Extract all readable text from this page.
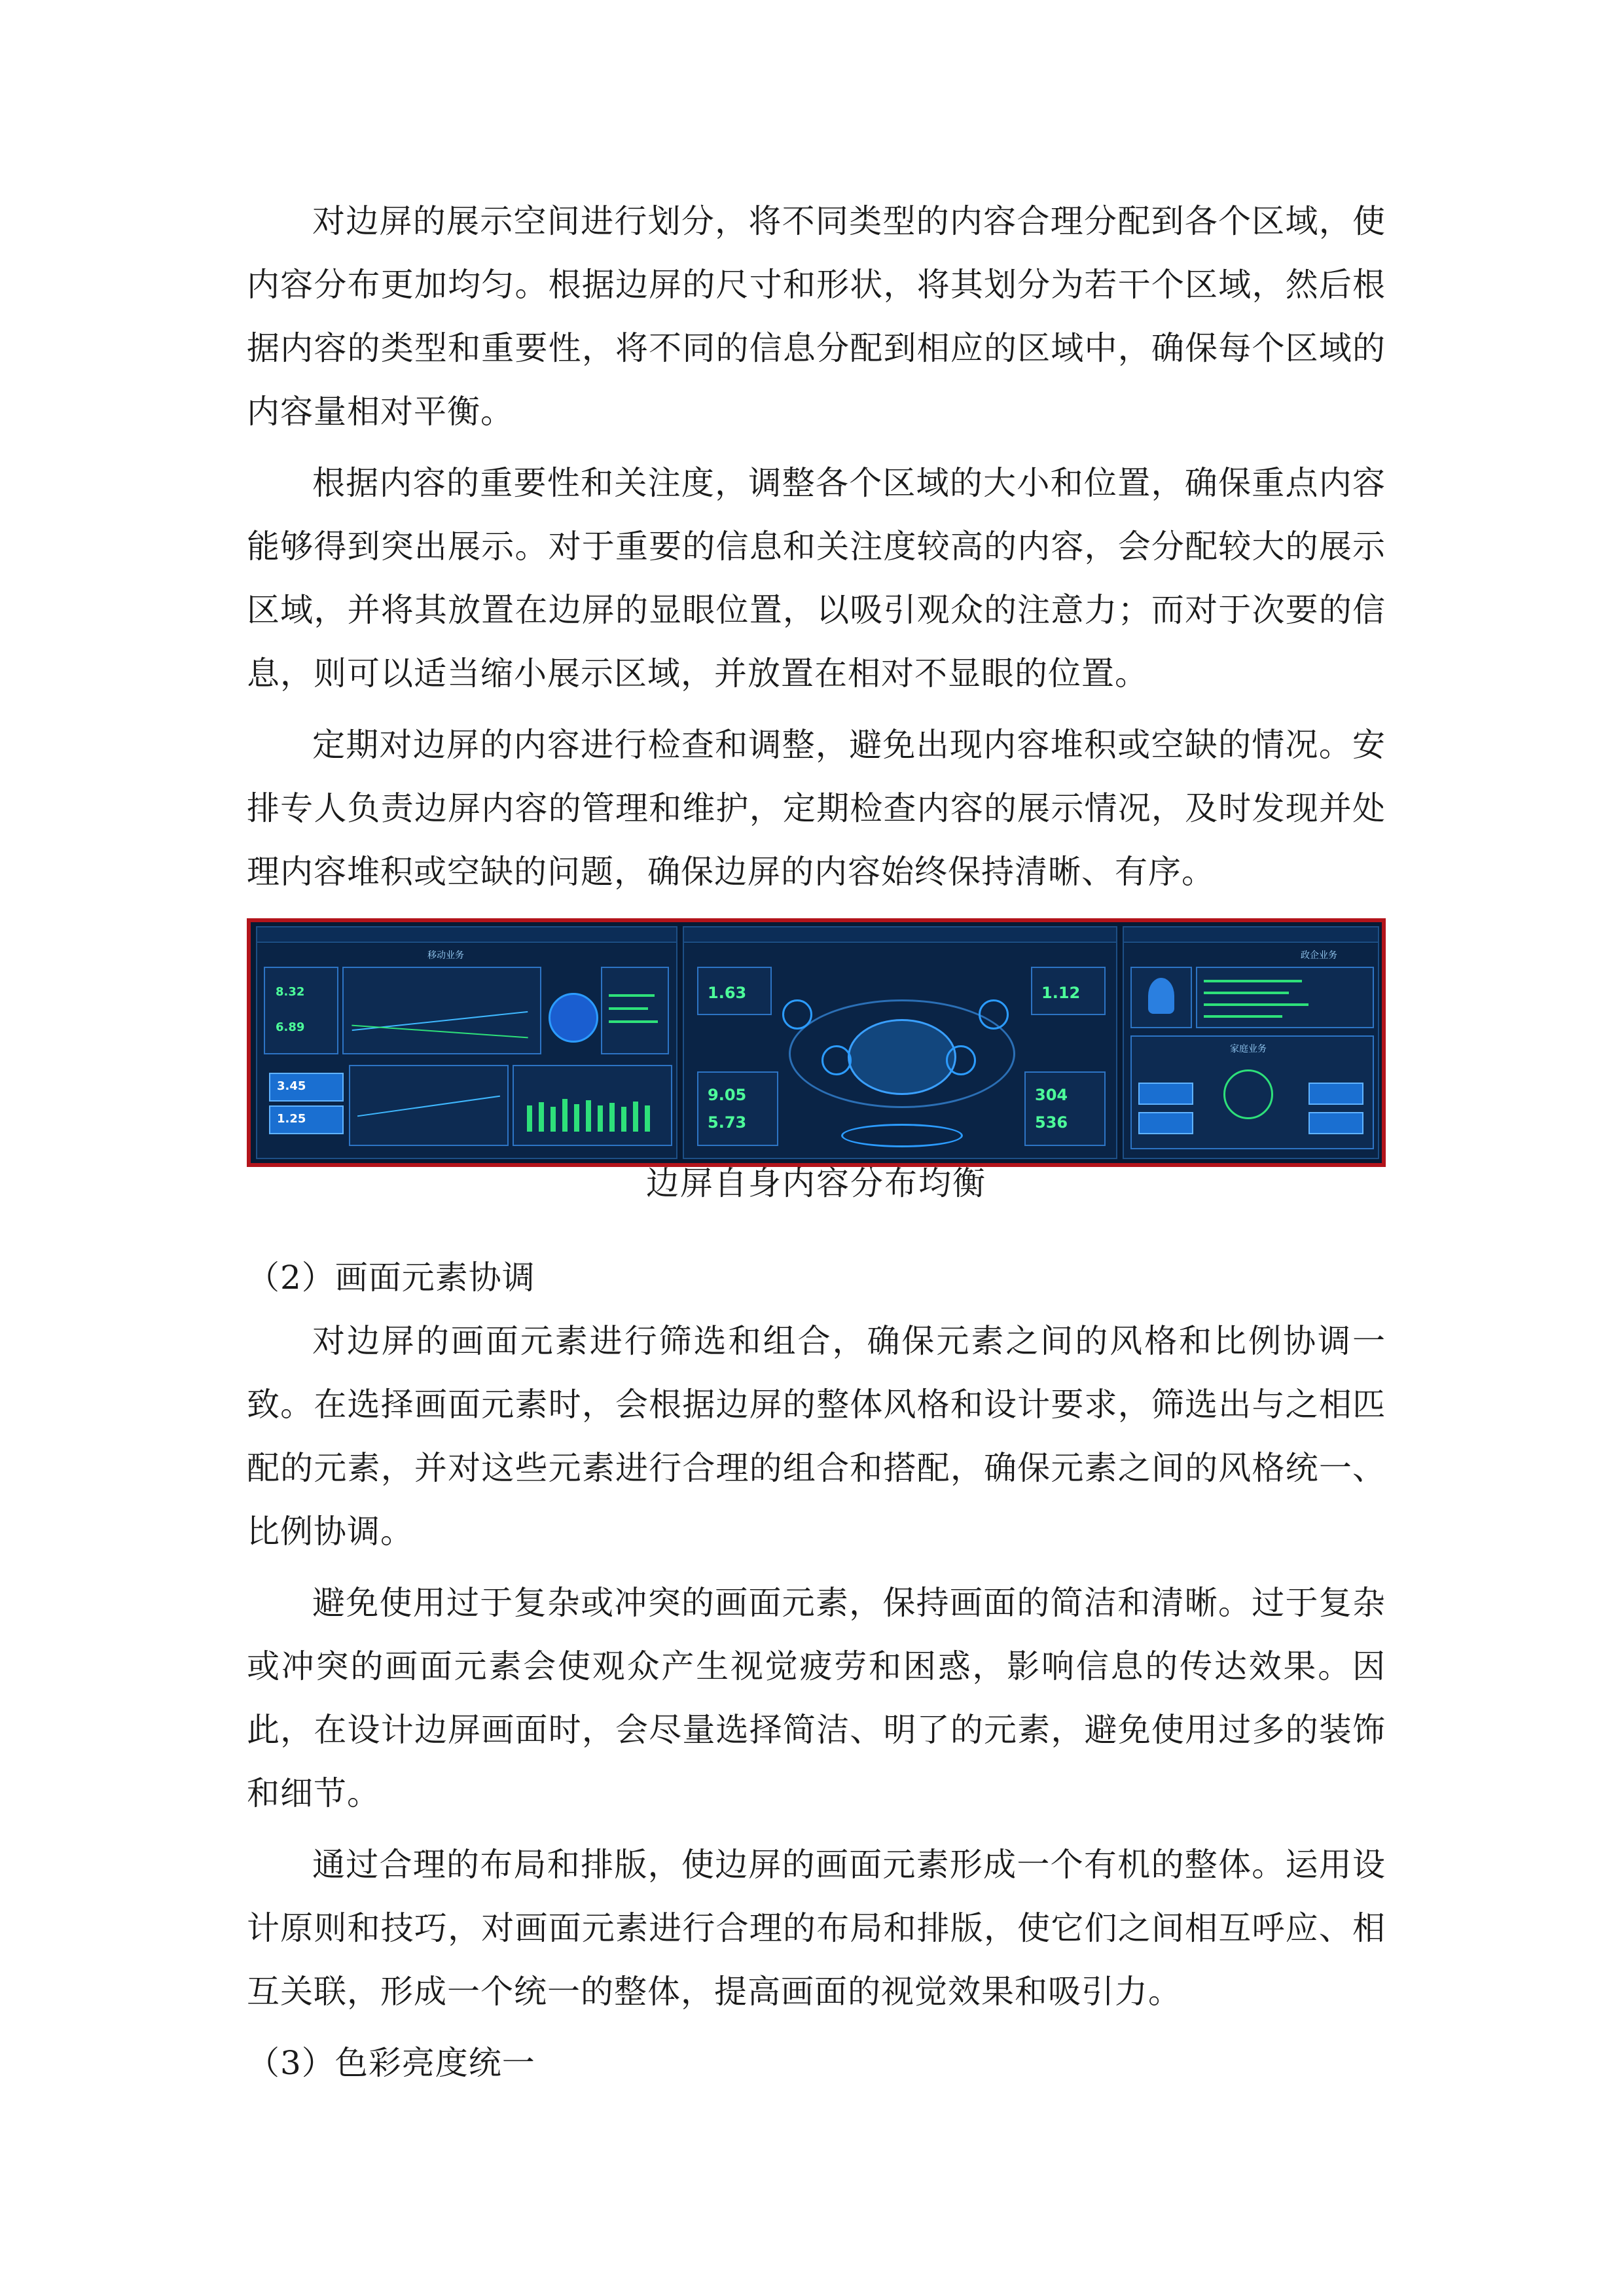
对边屏的展示空间进行划分，将不同类型的内容合理分配到各个区域，使内容分布更加均匀。根据边屏的尺寸和形状，将其划分为若干个区域，然后根据内容的类型和重要性，将不同的信息分配到相应的区域中，确保每个区域的内容量相对平衡。

根据内容的重要性和关注度，调整各个区域的大小和位置，确保重点内容能够得到突出展示。对于重要的信息和关注度较高的内容，会分配较大的展示区域，并将其放置在边屏的显眼位置，以吸引观众的注意力；而对于次要的信息，则可以适当缩小展示区域，并放置在相对不显眼的位置。

定期对边屏的内容进行检查和调整，避免出现内容堆积或空缺的情况。安排专人负责边屏内容的管理和维护，定期检查内容的展示情况，及时发现并处理内容堆积或空缺的问题，确保边屏的内容始终保持清晰、有序。

移动业务
8.32
6.89
3.45
1.25
1.63	1.12
9.05
5.73
304
536
政企业务
家庭业务
边屏自身内容分布均衡

（2）画面元素协调

对边屏的画面元素进行筛选和组合，确保元素之间的风格和比例协调一致。在选择画面元素时，会根据边屏的整体风格和设计要求，筛选出与之相匹配的元素，并对这些元素进行合理的组合和搭配，确保元素之间的风格统一、比例协调。

避免使用过于复杂或冲突的画面元素，保持画面的简洁和清晰。过于复杂或冲突的画面元素会使观众产生视觉疲劳和困惑，影响信息的传达效果。因此，在设计边屏画面时，会尽量选择简洁、明了的元素，避免使用过多的装饰和细节。

通过合理的布局和排版，使边屏的画面元素形成一个有机的整体。运用设计原则和技巧，对画面元素进行合理的布局和排版，使它们之间相互呼应、相互关联，形成一个统一的整体，提高画面的视觉效果和吸引力。

（3）色彩亮度统一
